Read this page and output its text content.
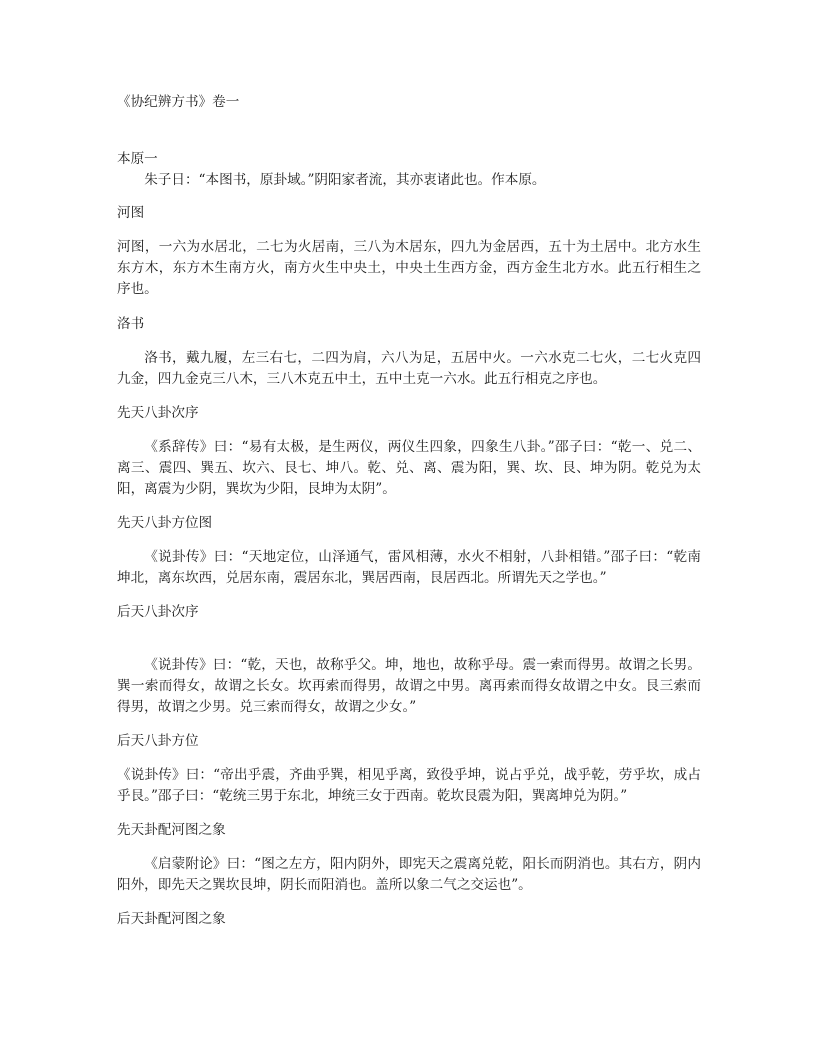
《协纪辨方书》卷一

本原一

朱子日：“本图书，原卦域。”阴阳家者流，其亦衷诸此也。作本原。

河图

河图，一六为水居北，二七为火居南，三八为木居东，四九为金居西，五十为土居中。北方水生东方木，东方木生南方火，南方火生中央土，中央土生西方金，西方金生北方水。此五行相生之序也。

洛书

洛书，戴九履，左三右七，二四为肩，六八为足，五居中火。一六水克二七火，二七火克四九金，四九金克三八木，三八木克五中土，五中土克一六水。此五行相克之序也。

先天八卦次序

《系辞传》曰：“易有太极，是生两仪，两仪生四象，四象生八卦。”邵子曰：“乾一、兑二、离三、震四、巽五、坎六、艮七、坤八。乾、兑、离、震为阳，巽、坎、艮、坤为阴。乾兑为太阳，离震为少阴，巽坎为少阳，艮坤为太阴”。

先天八卦方位图

《说卦传》曰：“天地定位，山泽通气，雷风相薄，水火不相射，八卦相错。”邵子曰：“乾南坤北，离东坎西，兑居东南，震居东北，巽居西南，艮居西北。所谓先天之学也。”

后天八卦次序

《说卦传》曰：“乾，天也，故称乎父。坤，地也，故称乎母。震一索而得男。故谓之长男。巽一索而得女，故谓之长女。坎再索而得男，故谓之中男。离再索而得女故谓之中女。艮三索而得男，故谓之少男。兑三索而得女，故谓之少女。”

后天八卦方位

《说卦传》曰：“帝出乎震，齐曲乎巽，相见乎离，致役乎坤，说占乎兑，战乎乾，劳乎坎，成占乎艮。”邵子曰：“乾统三男于东北，坤统三女于西南。乾坎艮震为阳，巽离坤兑为阴。”

先天卦配河图之象

《启蒙附论》曰：“图之左方，阳内阴外，即宪天之震离兑乾，阳长而阴消也。其右方，阴内阳外，即先天之巽坎艮坤，阴长而阳消也。盖所以象二气之交运也”。

后天卦配河图之象
